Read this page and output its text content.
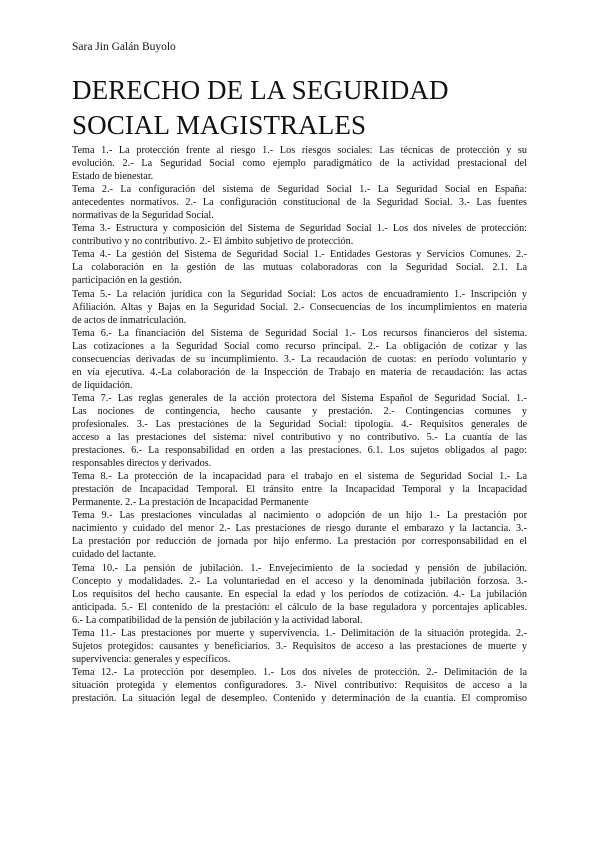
Sara Jin Galán Buyolo
DERECHO DE LA SEGURIDAD
SOCIAL MAGISTRALES
Tema 1.- La protección frente al riesgo 1.- Los riesgos sociales: Las técnicas de protección y su
evolución. 2.- La Seguridad Social como ejemplo paradigmático de la actividad prestacional del
Estado de bienestar.
Tema 2.- La configuración del sistema de Seguridad Social 1.- La Seguridad Social en España:
antecedentes normativos. 2.- La configuración constitucional de la Seguridad Social. 3.- Las fuentes
normativas de la Seguridad Social.
Tema 3.- Estructura y composición del Sistema de Seguridad Social 1.- Los dos niveles de protección:
contributivo y no contributivo. 2.- El ámbito subjetivo de protección.
Tema 4.- La gestión del Sistema de Seguridad Social 1.- Entidades Gestoras y Servicios Comunes. 2.-
La colaboración en la gestión de las mutuas colaboradoras con la Seguridad Social. 2.1. La
participación en la gestión.
Tema 5.- La relación jurídica con la Seguridad Social: Los actos de encuadramiento 1.- Inscripción y
Afiliación. Altas y Bajas en la Seguridad Social. 2.- Consecuencias de los incumplimientos en materia
de actos de inmatriculación.
Tema 6.- La financiación del Sistema de Seguridad Social 1.- Los recursos financieros del sistema.
Las cotizaciones a la Seguridad Social como recurso principal. 2.- La obligación de cotizar y las
consecuencias derivadas de su incumplimiento. 3.- La recaudación de cuotas: en período voluntario y
en vía ejecutiva. 4.-La colaboración de la Inspección de Trabajo en materia de recaudación: las actas
de liquidación.
Tema 7.- Las reglas generales de la acción protectora del Sistema Español de Seguridad Social. 1.-
Las nociones de contingencia, hecho causante y prestación. 2.- Contingencias comunes y
profesionales. 3.- Las prestaciones de la Seguridad Social: tipología. 4.- Requisitos generales de
acceso a las prestaciones del sistema: nivel contributivo y no contributivo. 5.- La cuantía de las
prestaciones. 6.- La responsabilidad en orden a las prestaciones. 6.1. Los sujetos obligados al pago:
responsables directos y derivados.
Tema 8.- La protección de la incapacidad para el trabajo en el sistema de Seguridad Social 1.- La
prestación de Incapacidad Temporal. El tránsito entre la Incapacidad Temporal y la Incapacidad
Permanente. 2.- La prestación de Incapacidad Permanente
Tema 9.- Las prestaciones vinculadas al nacimiento o adopción de un hijo 1.- La prestación por
nacimiento y cuidado del menor 2.- Las prestaciones de riesgo durante el embarazo y la lactancia. 3.-
La prestación por reducción de jornada por hijo enfermo. La prestación por corresponsabilidad en el
cuidado del lactante.
Tema 10.- La pensión de jubilación. 1.- Envejecimiento de la sociedad y pensión de jubilación.
Concepto y modalidades. 2.- La voluntariedad en el acceso y la denominada jubilación forzosa. 3.-
Los requisitos del hecho causante. En especial la edad y los períodos de cotización. 4.- La jubilación
anticipada. 5.- El contenido de la prestación: el cálculo de la base reguladora y porcentajes aplicables.
6.- La compatibilidad de la pensión de jubilación y la actividad laboral.
Tema 11.- Las prestaciones por muerte y supervivencia. 1.- Delimitación de la situación protegida. 2.-
Sujetos protegidos: causantes y beneficiarios. 3.- Requisitos de acceso a las prestaciones de muerte y
supervivencia: generales y específicos.
Tema 12.- La protección por desempleo. 1.- Los dos niveles de protección. 2.- Delimitación de la
situación protegida y elementos configuradores. 3.- Nivel contributivo: Requisitos de acceso a la
prestación. La situación legal de desempleo. Contenido y determinación de la cuantía. El compromiso
